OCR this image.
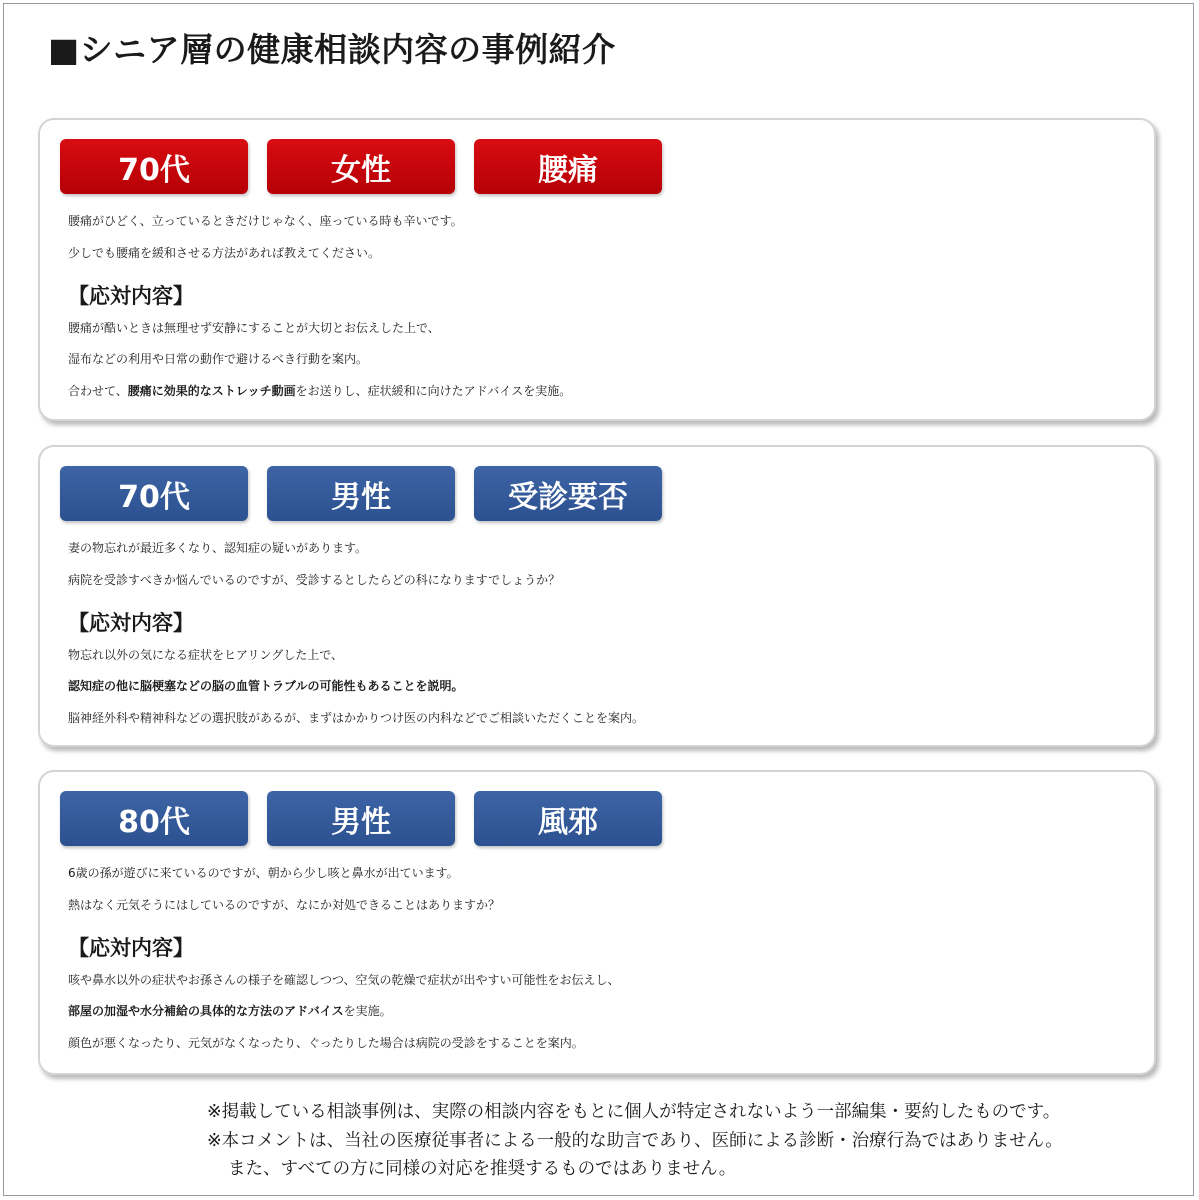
■シニア層の健康相談内容の事例紹介
70代	女性	腰痛
腰痛がひどく、立っているときだけじゃなく、座っている時も辛いです。
少しでも腰痛を緩和させる方法があれば教えてください。
【応対内容】
腰痛が酷いときは無理せず安静にすることが大切とお伝えした上で、
湿布などの利用や日常の動作で避けるべき行動を案内。
合わせて、腰痛に効果的なストレッチ動画をお送りし、症状緩和に向けたアドバイスを実施。
70代	男性	受診要否
妻の物忘れが最近多くなり、認知症の疑いがあります。
病院を受診すべきか悩んでいるのですが、受診するとしたらどの科になりますでしょうか？
【応対内容】
物忘れ以外の気になる症状をヒアリングした上で、
認知症の他に脳梗塞などの脳の血管トラブルの可能性もあることを説明。
脳神経外科や精神科などの選択肢があるが、まずはかかりつけ医の内科などでご相談いただくことを案内。
80代	男性	風邪
6歳の孫が遊びに来ているのですが、朝から少し咳と鼻水が出ています。
熱はなく元気そうにはしているのですが、なにか対処できることはありますか？
【応対内容】
咳や鼻水以外の症状やお孫さんの様子を確認しつつ、空気の乾燥で症状が出やすい可能性をお伝えし、
部屋の加湿や水分補給の具体的な方法のアドバイスを実施。
顔色が悪くなったり、元気がなくなったり、ぐったりした場合は病院の受診をすることを案内。
※掲載している相談事例は、実際の相談内容をもとに個人が特定されないよう一部編集・要約したものです。
※本コメントは、当社の医療従事者による一般的な助言であり、医師による診断・治療行為ではありません。
また、すべての方に同様の対応を推奨するものではありません。
